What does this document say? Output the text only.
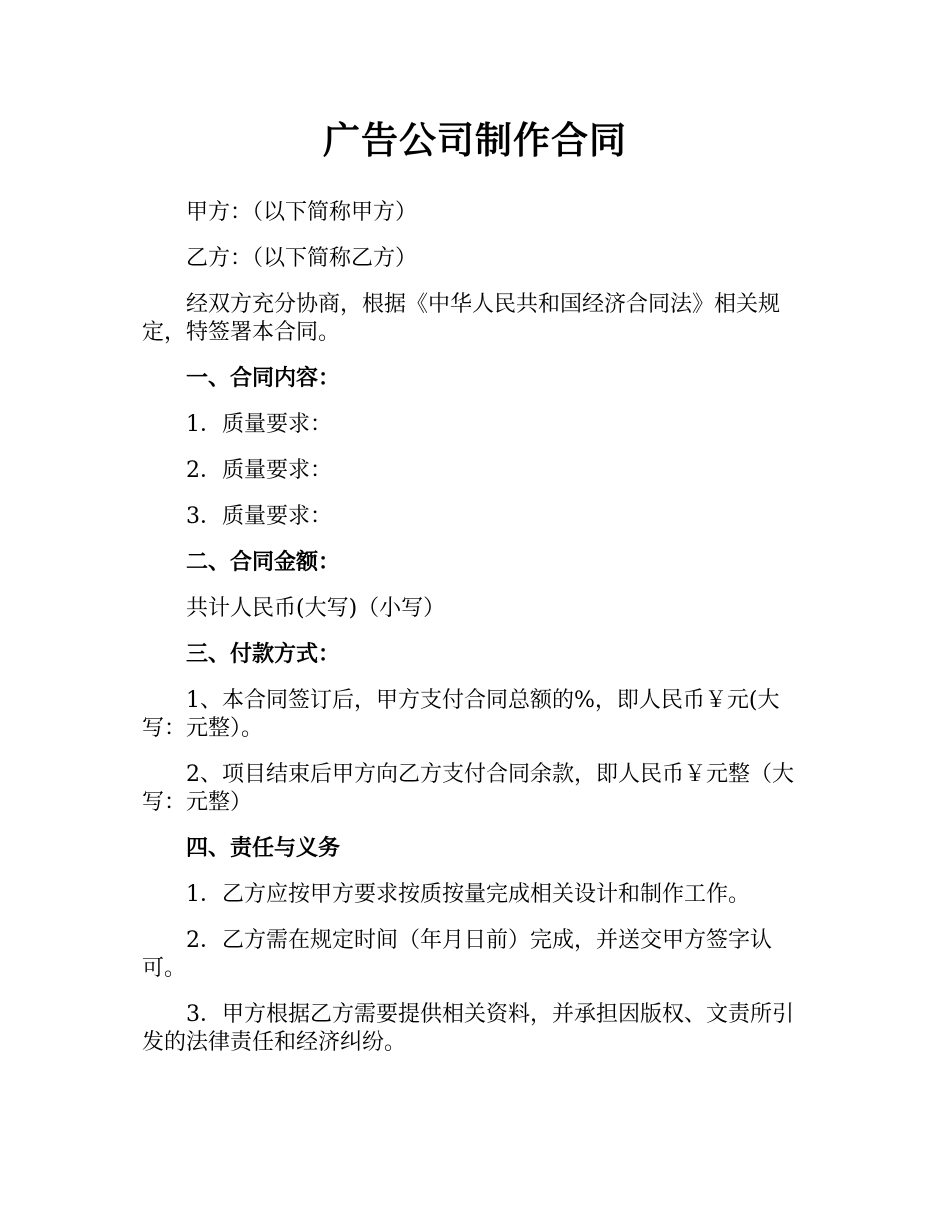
广告公司制作合同

甲方：（以下简称甲方）

乙方：（以下简称乙方）

经双方充分协商，根据《中华人民共和国经济合同法》相关规定，特签署本合同。

一、合同内容：

1．质量要求：

2．质量要求：

3．质量要求：

二、合同金额：

共计人民币(大写)（小写）

三、付款方式：

1、本合同签订后，甲方支付合同总额的%，即人民币￥元(大写：元整）。

2、项目结束后甲方向乙方支付合同余款，即人民币￥元整（大写：元整）

四、责任与义务

1．乙方应按甲方要求按质按量完成相关设计和制作工作。

2．乙方需在规定时间（年月日前）完成，并送交甲方签字认可。

3．甲方根据乙方需要提供相关资料，并承担因版权、文责所引发的法律责任和经济纠纷。
